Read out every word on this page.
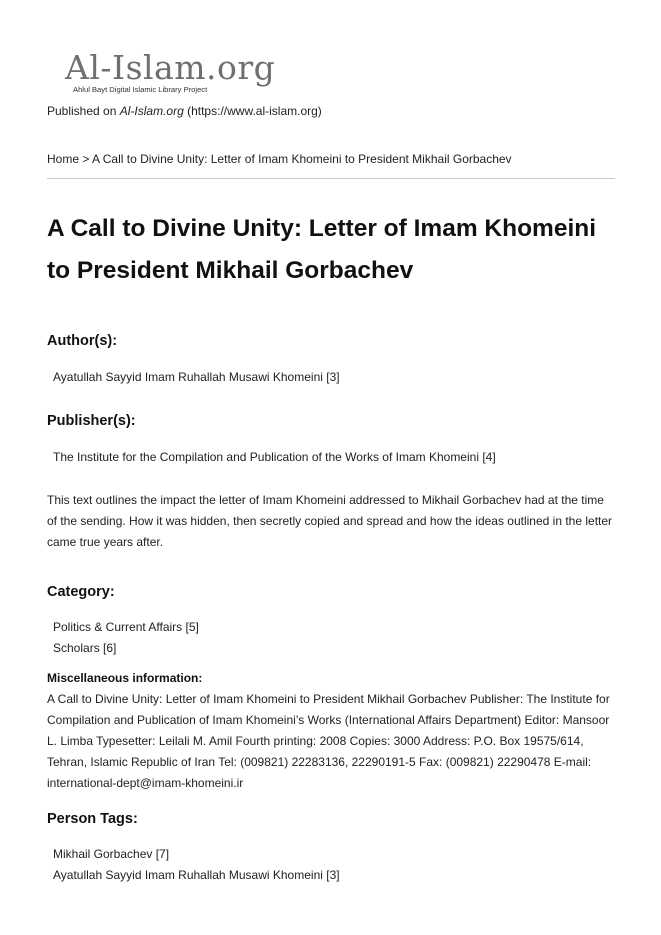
Al-Islam.org
Ahlul Bayt Digital Islamic Library Project
Published on Al-Islam.org (https://www.al-islam.org)
Home > A Call to Divine Unity: Letter of Imam Khomeini to President Mikhail Gorbachev
A Call to Divine Unity: Letter of Imam Khomeini to President Mikhail Gorbachev
Author(s):
Ayatullah Sayyid Imam Ruhallah Musawi Khomeini [3]
Publisher(s):
The Institute for the Compilation and Publication of the Works of Imam Khomeini [4]

This text outlines the impact the letter of Imam Khomeini addressed to Mikhail Gorbachev had at the time of the sending. How it was hidden, then secretly copied and spread and how the ideas outlined in the letter came true years after.

Category:
Politics & Current Affairs [5]
Scholars [6]
Miscellaneous information:

A Call to Divine Unity: Letter of Imam Khomeini to President Mikhail Gorbachev Publisher: The Institute for Compilation and Publication of Imam Khomeini’s Works (International Affairs Department) Editor: Mansoor L. Limba Typesetter: Leilali M. Amil Fourth printing: 2008 Copies: 3000 Address: P.O. Box 19575/614, Tehran, Islamic Republic of Iran Tel: (009821) 22283136, 22290191-5 Fax: (009821) 22290478 E-mail: international-dept@imam-khomeini.ir

Person Tags:
Mikhail Gorbachev [7]
Ayatullah Sayyid Imam Ruhallah Musawi Khomeini [3]
